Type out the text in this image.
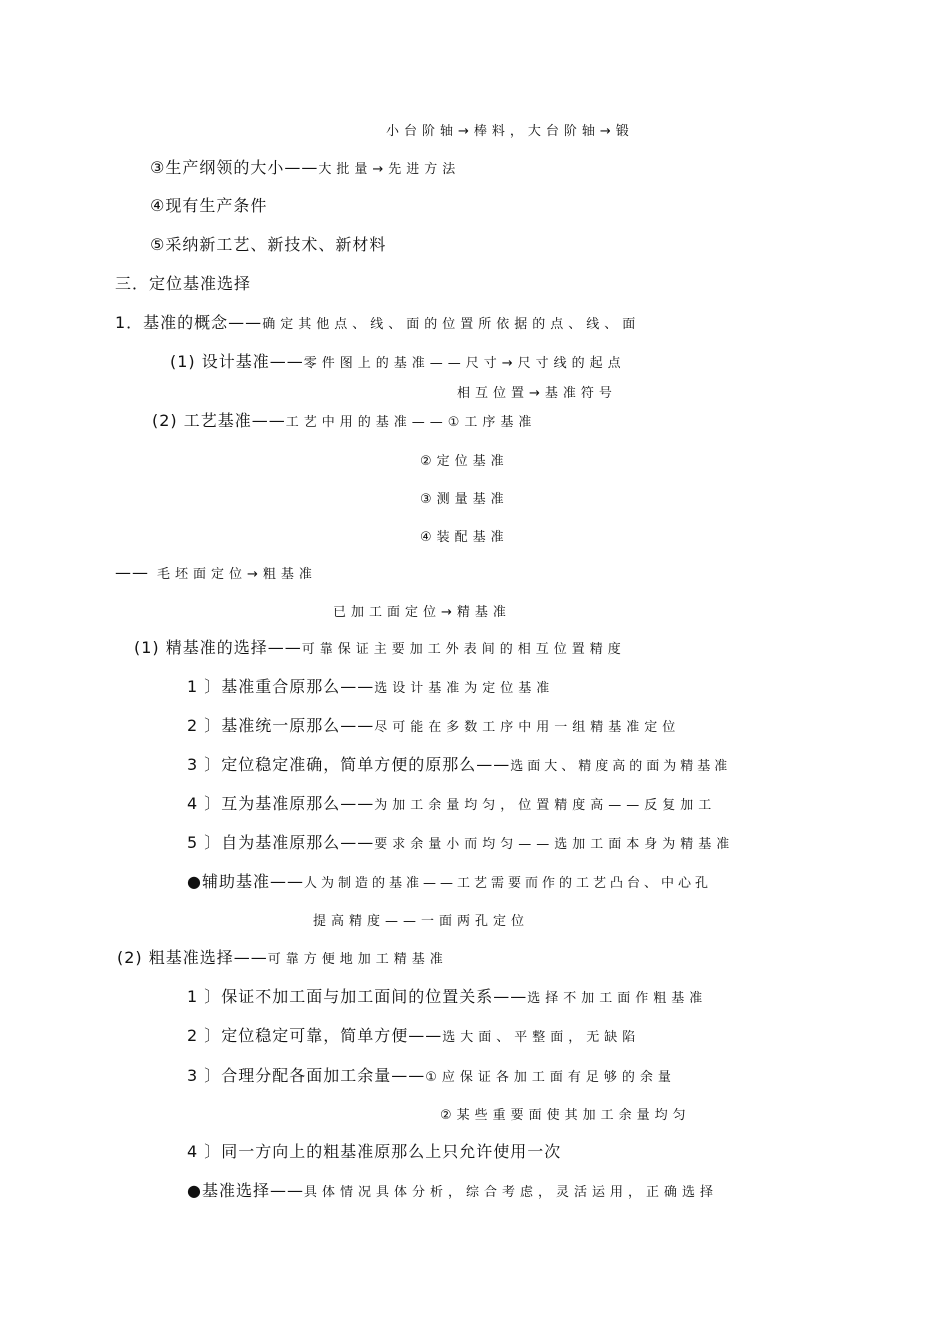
小台阶轴→棒料，大台阶轴→锻
③生产纲领的大小——大批量→先进方法
④现有生产条件
⑤采纳新工艺、新技术、新材料
三．定位基准选择
1．基准的概念——确定其他点、线、面的位置所依据的点、线、面
(1) 设计基准——零件图上的基准——尺寸→尺寸线的起点
相互位置→基准符号
(2) 工艺基准——工艺中用的基准——①工序基准
②定位基准
③测量基准
④装配基准
—— 毛坯面定位→粗基准
已加工面定位→精基准
(1) 精基准的选择——可靠保证主要加工外表间的相互位置精度
1 〕基准重合原那么——选设计基准为定位基准
2 〕基准统一原那么——尽可能在多数工序中用一组精基准定位
3 〕定位稳定准确，简单方便的原那么——选面大、精度高的面为精基准
4 〕互为基准原那么——为加工余量均匀，位置精度高——反复加工
5 〕自为基准原那么——要求余量小而均匀——选加工面本身为精基准
●辅助基准——人为制造的基准——工艺需要而作的工艺凸台、中心孔
提高精度——一面两孔定位
(2) 粗基准选择——可靠方便地加工精基准
1 〕保证不加工面与加工面间的位置关系——选择不加工面作粗基准
2 〕定位稳定可靠，简单方便——选大面、平整面，无缺陷
3 〕合理分配各面加工余量——①应保证各加工面有足够的余量
②某些重要面使其加工余量均匀
4 〕同一方向上的粗基准原那么上只允许使用一次
●基准选择——具体情况具体分析，综合考虑，灵活运用，正确选择
